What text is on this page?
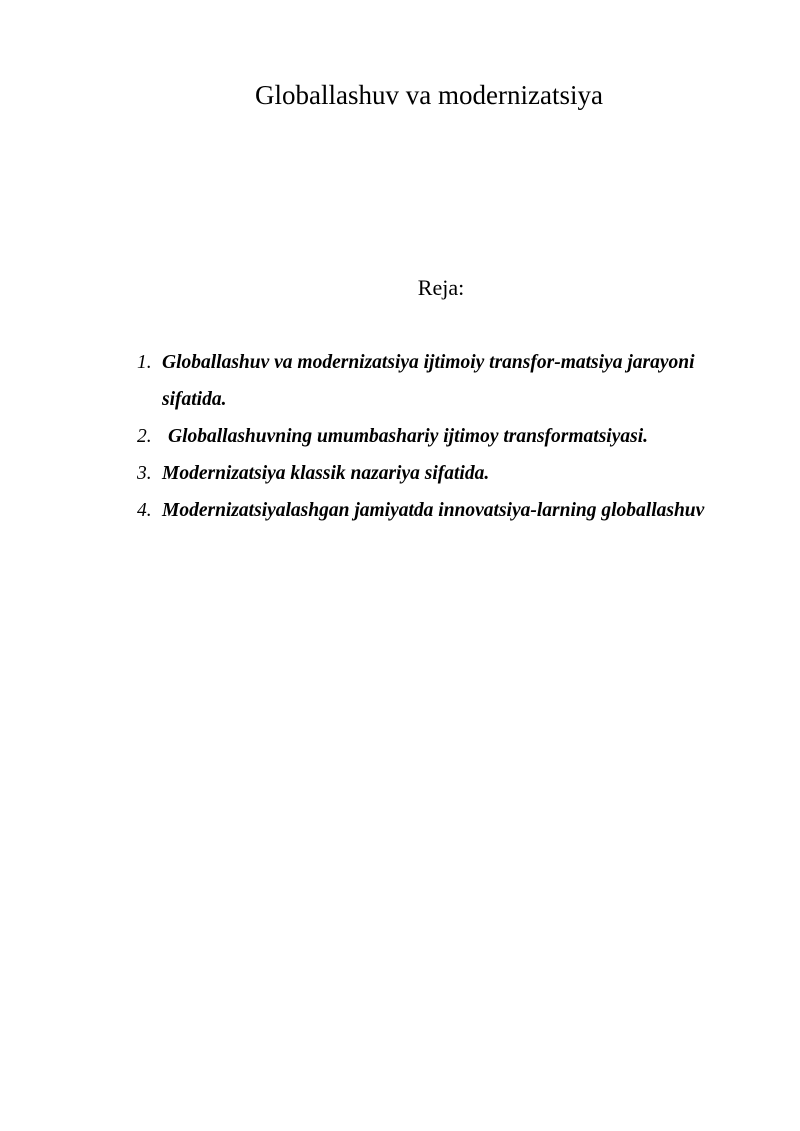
Globallashuv va modernizatsiya
Reja:
1. Globallashuv va modernizatsiya ijtimoiy transfor-matsiya jarayoni sifatida.
2. Globallashuvning umumbashariy ijtimoy transformatsiyasi.
3. Modernizatsiya klassik nazariya sifatida.
4. Modernizatsiyalashgan jamiyatda innovatsiya-larning globallashuv
